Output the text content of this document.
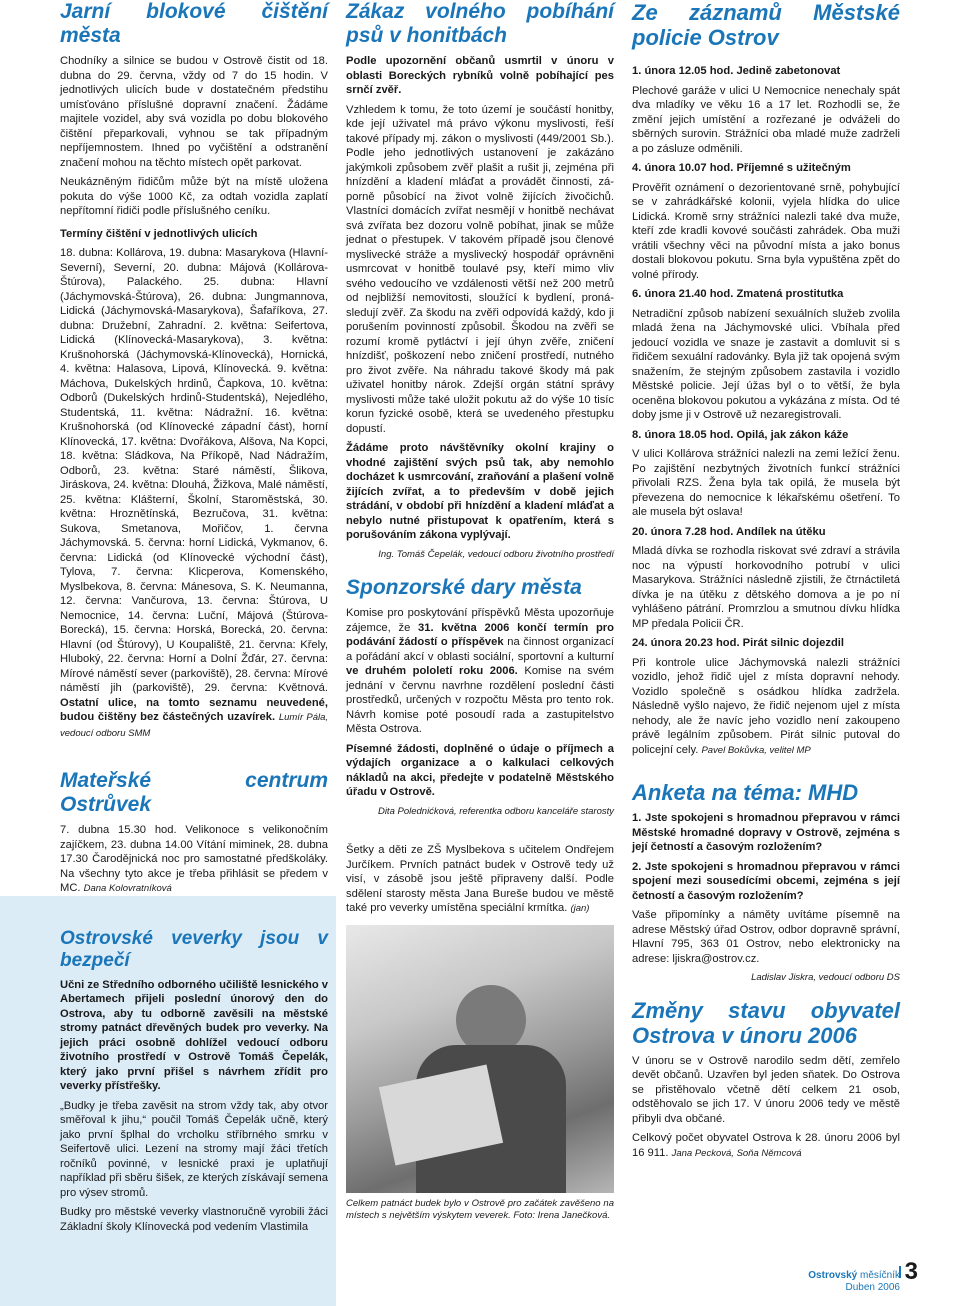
Jarní blokové čištění města

Chodníky a silnice se budou v Ostrově čistit od 18. dubna do 29. června, vždy od 7 do 15 hodin. V jednotlivých ulicích bude v dostatečném předstihu umísťováno příslušné dopravní značení. Žádáme majitele vozidel, aby svá vozidla po dobu blokového čištění přeparkovali, vyhnou se tak případným nepříjemnostem. Ihned po vyčištění a odstranění značení mohou na těchto místech opět parkovat.

Neukázněným řidičům může být na místě uložena pokuta do výše 1000 Kč, za odtah vozidla zaplatí nepřítomní řidiči podle příslušného ceníku.

Termíny čištění v jednotlivých ulicích

18. dubna: Kollárova, 19. dubna: Masarykova (Hlavní-Severní), Severní, 20. dubna: Májová (Kollárova-Štúrova), Palackého. 25. dubna: Hlavní (Jáchymovská-Štúrova), 26. dubna: Jungmannova, Lidická (Jáchymovská-Masarykova), Šafaříkova, 27. dubna: Družební, Zahradní. 2. května: Seifertova, Lidická (Klínovecká-Masarykova), 3. května: Krušnohorská (Jáchymovská-Klínovecká), Hornická, 4. května: Halasova, Lipová, Klínovecká. 9. května: Máchova, Dukelských hrdinů, Čapkova, 10. května: Odborů (Dukelských hrdinů-Studentská), Nejedlého, Studentská, 11. května: Nádražní. 16. května: Krušnohorská (od Klínovecké západní část), horní Klínovecká, 17. května: Dvořákova, Alšova, Na Kopci, 18. května: Sládkova, Na Příkopě, Nad Nádražím, Odborů, 23. května: Staré náměstí, Šlikova, Jiráskova, 24. května: Dlouhá, Žižkova, Malé náměstí, 25. května: Klášterní, Školní, Staroměstská, 30. května: Hroznětínská, Bezručova, 31. května: Sukova, Smetanova, Mořičov, 1. června Jáchymovská. 5. června: horní Lidická, Vykmanov, 6. června: Lidická (od Klínovecké východní část), Tylova, 7. června: Klicperova, Komenského, Myslbekova, 8. června: Mánesova, S. K. Neumanna, 12. června: Vančurova, 13. června: Štúrova, U Nemocnice, 14. června: Luční, Májová (Štúrova-Borecká), 15. června: Horská, Borecká, 20. června: Hlavní (od Štúrovy), U Koupaliště, 21. června: Křely, Hluboký, 22. června: Horní a Dolní Žďár, 27. června: Mírové náměstí sever (parkoviště), 28. června: Mírové náměstí jih (parkoviště), 29. června: Květnová. Ostatní ulice, na tomto seznamu neuvedené, budou čištěny bez částečných uzavírek. Lumír Pála, vedoucí odboru SMM

Mateřské centrum Ostrůvek

7. dubna 15.30 hod. Velikonoce s velikonočním zajíčkem, 23. dubna 14.00 Vítání miminek, 28. dubna 17.30 Čarodějnická noc pro samostatné předškoláky. Na všechny tyto akce je třeba přihlásit se předem v MC. Dana Kolovratníková

Ostrovské veverky jsou v bezpečí

Učni ze Středního odborného učiliště lesnického v Abertamech přijeli poslední únorový den do Ostrova, aby tu odborně zavěsili na městské stromy patnáct dřevěných budek pro veverky. Na jejich práci osobně dohlížel vedoucí odboru životního prostředí v Ostrově Tomáš Čepelák, který jako první přišel s návrhem zřídit pro veverky přístřešky.

„Budky je třeba zavěsit na strom vždy tak, aby otvor směřoval k jihu,“ poučil Tomáš Čepelák učně, který jako první šplhal do vrcholku stříbrného smrku v Seifertově ulici. Lezení na stromy mají žáci třetích ročníků povinné, v lesnické praxi je uplatňují například při sběru šišek, ze kterých získávají semena pro výsev stromů.

Budky pro městské veverky vlastnoručně vyrobili žáci Základní školy Klínovecká pod vedením Vlastimila

Zákaz volného pobíhání psů v honitbách

Podle upozornění občanů usmrtil v únoru v oblasti Boreckých rybníků volně pobíhající pes srnčí zvěř.

Vzhledem k tomu, že toto území je součástí honitby, kde její uživatel má právo výkonu myslivosti, řeší takové případy mj. zákon o myslivosti (449/2001 Sb.). Podle jeho jednotlivých ustanovení je zakázáno jakýmkoli způsobem zvěř plašit a rušit ji, zejména při hnízdění a kladení mláďat a provádět činnosti, záporně působící na život volně žijících živočichů. Vlastníci domácích zvířat nesmějí v honitbě nechávat svá zvířata bez dozoru volně pobíhat, jinak se může jednat o přestupek. V takovém případě jsou členové myslivecké stráže a myslivecký hospodář oprávněni usmrcovat v honitbě toulavé psy, kteří mimo vliv svého vedoucího ve vzdálenosti větší než 200 metrů od nejbližší nemovitosti, sloužící k bydlení, pronásledují zvěř. Za škodu na zvěři odpovídá každý, kdo ji porušením povinností způsobil. Škodou na zvěři se rozumí kromě pytláctví i její úhyn zvěře, zničení hnízdišť, poškození nebo zničení prostředí, nutného pro život zvěře. Na náhradu takové škody má pak uživatel honitby nárok. Zdejší orgán státní správy myslivosti může také uložit pokutu až do výše 10 tisíc korun fyzické osobě, která se uvedeného přestupku dopustí.

Žádáme proto návštěvníky okolní krajiny o vhodné zajištění svých psů tak, aby nemohlo docházet k usmrcování, zraňování a plašení volně žijících zvířat, a to především v době jejich strádání, v období při hnízdění a kladení mláďat a nebylo nutné přistupovat k opatřením, která s porušováním zákona vyplývají.

Ing. Tomáš Čepelák, vedoucí odboru životního prostředí
Sponzorské dary města

Komise pro poskytování příspěvků Města upozorňuje zájemce, že 31. května 2006 končí termín pro podávání žádostí o příspěvek na činnost organizací a pořádání akcí v oblasti sociální, sportovní a kulturní ve druhém pololetí roku 2006. Komise na svém jednání v červnu navrhne rozdělení poslední části prostředků, určených v rozpočtu Města pro tento rok. Návrh komise poté posoudí rada a zastupitelstvo Města Ostrova.

Písemné žádosti, doplněné o údaje o příjmech a výdajích organizace a o kalkulaci celkových nákladů na akci, předejte v podatelně Městského úřadu v Ostrově.

Dita Polednićková, referentka odboru kanceláře starosty

Šetky a děti ze ZŠ Myslbekova s učitelem Ondřejem Jurčíkem. Prvních patnáct budek v Ostrově tedy už visí, v zásobě jsou ještě připraveny další. Podle sdělení starosty města Jana Bureše budou ve městě také pro veverky umístěna speciální krmítka. (jan)

Celkem patnáct budek bylo v Ostrově pro začátek zavěšeno na místech s největším výskytem veverek. Foto: Irena Janečková.
Ze záznamů Městské policie Ostrov

1. února 12.05 hod. Jedině zabetonovat

Plechové garáže v ulici U Nemocnice nenechaly spát dva mladíky ve věku 16 a 17 let. Rozhodli se, že změní jejich umístění a rozřezané je odváželi do sběrných surovin. Strážníci oba mladé muže zadrželi a po zásluze odměnili.

4. února 10.07 hod. Příjemné s užitečným

Prověřit oznámení o dezorientované srně, pohybující se v zahrádkářské kolonii, vyjela hlídka do ulice Lidická. Kromě srny strážníci nalezli také dva muže, kteří zde kradli kovové součásti zahrádek. Oba muži vrátili všechny věci na původní místa a jako bonus dostali blokovou pokutu. Srna byla vypuštěna zpět do volné přírody.

6. února 21.40 hod. Zmatená prostitutka

Netradiční způsob nabízení sexuálních služeb zvolila mladá žena na Jáchymovské ulici. Vbíhala před jedoucí vozidla ve snaze je zastavit a domluvit si s řidičem sexuální radovánky. Byla již tak opojená svým snažením, že stejným způsobem zastavila i vozidlo Městské policie. Její úžas byl o to větší, že byla oceněna blokovou pokutou a vykázána z místa. Od té doby jsme ji v Ostrově už nezaregistrovali.

8. února 18.05 hod. Opilá, jak zákon káže

V ulici Kollárova strážníci nalezli na zemi ležící ženu. Po zajištění nezbytných životních funkcí strážníci přivolali RZS. Žena byla tak opilá, že musela být převezena do nemocnice k lékařskému ošetření. To ale musela být oslava!

20. února 7.28 hod. Andílek na útěku

Mladá dívka se rozhodla riskovat své zdraví a strávila noc na výpustí horkovodního potrubí v ulici Masarykova. Strážníci následně zjistili, že čtrnáctiletá dívka je na útěku z dětského domova a je po ní vyhlášeno pátrání. Promrzlou a smutnou dívku hlídka MP předala Policii ČR.

24. února 20.23 hod. Pirát silnic dojezdil

Při kontrole ulice Jáchymovská nalezli strážníci vozidlo, jehož řidič ujel z místa dopravní nehody. Vozidlo společně s osádkou hlídka zadržela. Následně vyšlo najevo, že řidič nejenom ujel z místa nehody, ale že navíc jeho vozidlo není zakoupeno právě legálním způsobem. Pirát silnic putoval do policejní cely. Pavel Bokůvka, velitel MP

Anketa na téma: MHD

1. Jste spokojeni s hromadnou přepravou v rámci Městské hromadné dopravy v Ostrově, zejména s její četností a časovým rozložením?

2. Jste spokojeni s hromadnou přepravou v rámci spojení mezi sousedícími obcemi, zejména s její četností a časovým rozložením?

Vaše připomínky a náměty uvítáme písemně na adrese Městský úřad Ostrov, odbor dopravně správní, Hlavní 795, 363 01 Ostrov, nebo elektronicky na adrese: ljiskra@ostrov.cz.

Ladislav Jiskra, vedoucí odboru DS
Změny stavu obyvatel Ostrova v únoru 2006

V únoru se v Ostrově narodilo sedm dětí, zemřelo devět občanů. Uzavřen byl jeden sňatek. Do Ostrova se přistěhovalo včetně dětí celkem 21 osob, odstěhovalo se jich 17. V únoru 2006 tedy ve městě přibyli dva občané.

Celkový počet obyvatel Ostrova k 28. únoru 2006 byl 16 911. Jana Pecková, Soňa Němcová

Ostrovský měsíčník
Duben 2006
3
